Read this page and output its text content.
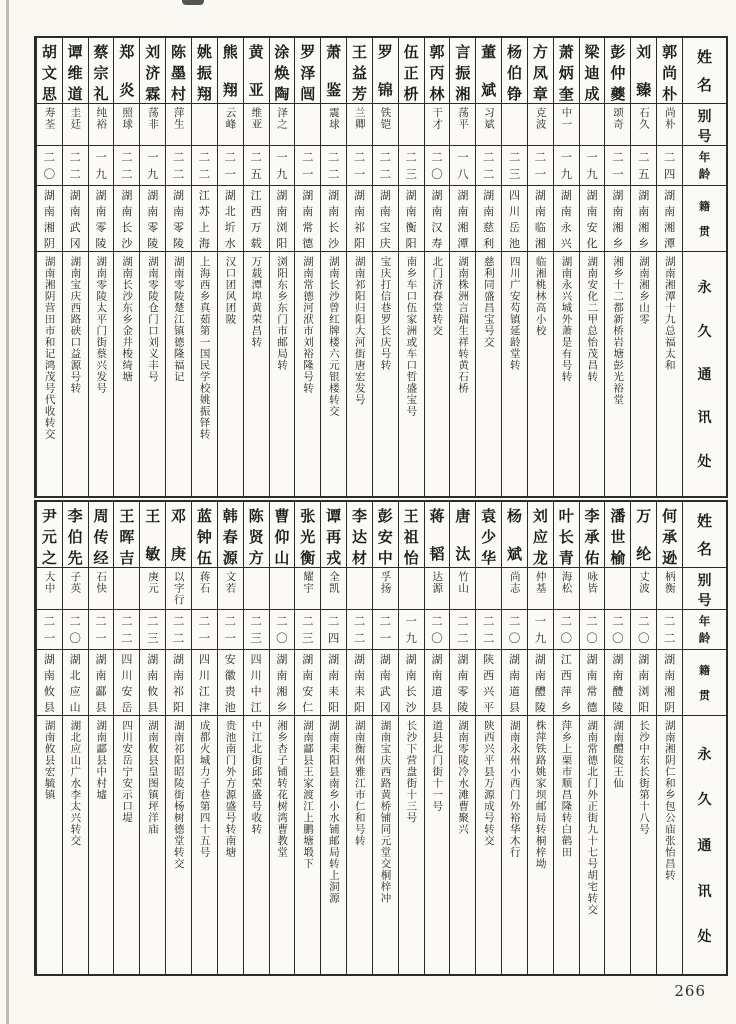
姓
名
别
号
年
龄
籍
贯
永
久
通
讯
处
郭
尚
朴
尚朴
二
四
湖
南
湘
潭
湖南湘潭十九总福太和
刘
臻
石久
二
五
湖
南
湘
乡
湖南湘乡山零
彭
仲
夔
颂奇
二
一
湖
南
湘
乡
湘乡十二都新桥岩塘彭光裕堂
梁
迪
成
一
九
湖
南
安
化
湖南安化二甲总怡茂昌转
萧
炳
奎
中一
一
九
湖
南
永
兴
湖南永兴城外萧是有号转
方
凤
章
克波
二
一
湖
南
临
湘
临湘桃林高小校
杨
伯
铮
二
三
四
川
岳
池
四川广安芶镇延龄堂转
董
斌
习斌
二
二
湖
南
慈
利
慈利同盛昌宝号交
言
振
湘
荡平
一
八
湖
南
湘
潭
湖南株洲言瑞生祥转黄石桥
郭
丙
林
干才
二
〇
湖
南
汉
寿
北门济春堂转交
伍
正
枡
二
三
湖
南
衡
阳
南乡车口伍家洲或车口哲盛宝号
罗
锦
铁铠
二
二
湖
南
宝
庆
宝庆打信巷罗长庆号转
王
益
芳
兰卿
二
一
湖
南
祁
阳
湖南祁阳归阳大河街唐宏发号
萧
鉴
震球
二
二
湖
南
长
沙
湖南长沙曾红牌楼六元银楼转交
罗
泽
闿
二
一
湖
南
常
德
湖南常德河洑市刘裕隆号转
涂
焕
陶
泽之
一
九
湖
南
浏
阳
浏阳东乡东门市邮局转
黄
亚
维亚
二
五
江
西
万
载
万载潭埠黄荣昌转
熊
翔
云峰
二
一
湖
北
圻
水
汉口团风团陂
姚
振
翔
二
二
江
苏
上
海
上海西乡真茹第一国民学校姚振铎转
陈
墨
村
萍生
二
二
湖
南
零
陵
湖南零陵楚江镇德隆福记
刘
济
霖
荡非
一
九
湖
南
零
陵
湖南零陵仓门口刘义丰号
郑
炎
照球
二
二
湖
南
长
沙
湖南长沙东乡金井梭绮塘
蔡
宗
礼
纯裕
一
九
湖
南
零
陵
湖南零陵太平门街蔡兴发号
谭
维
道
圭廷
二
二
湖
南
武
冈
湖南宝庆西路硖口益源号转
胡
文
思
寿荃
二
〇
湖
南
湘
阴
湖南湘阴营田市和记鸿茂号代收转交
姓
名
别
号
年
龄
籍
贯
永
久
通
讯
处
何
承
逊
柄衡
二
二
湖
南
湘
阴
湖南湘阴仁和乡包公庙张怡昌转
万
纶
丈波
二
〇
湖
南
浏
阳
长沙中东长街第十八号
潘
世
榆
二
〇
湖
南
醴
陵
湖南醴陵王仙
李
承
佑
咏皆
二
〇
湖
南
常
德
湖南常德北门外正街九十七号胡宅转交
叶
长
青
海松
二
〇
江
西
萍
乡
萍乡上栗市顺昌隆转白鹤田
刘
应
龙
仲基
一
九
湖
南
醴
陵
株萍铁路姚家坝邮局转桐梓坳
杨
斌
尚志
二
〇
湖
南
道
县
湖南永州小西门外裕华木行
袁
少
华
二
二
陕
西
兴
平
陕西兴平县万源成号转交
唐
汰
竹山
二
二
湖
南
零
陵
湖南零陵冷水滩曹聚兴
蒋
韬
达源
二
〇
湖
南
道
县
道县北门街十一号
王
祖
怡
一
九
湖
南
长
沙
长沙下营盘街十三号
彭
安
中
孚扬
二
一
湖
南
武
冈
湖南宝庆西路黄桥铺同元堂交桐梓冲
李
达
材
二
二
湖
南
耒
阳
湖南衡州雅江市仁和号转
谭
再
戎
全凯
二
四
湖
南
耒
阳
湖南耒阳县南乡小水铺邮局转上洞源
张
光
衡
耀宇
二
三
湖
南
安
仁
湖南酃县王家渡江上鹏塘塅下
曹
仰
山
二
〇
湖
南
湘
乡
湘乡杏子铺转花树湾曹教堂
陈
贤
方
二
三
四
川
中
江
中江北街邱荣盛号收转
韩
春
源
文若
二
一
安
徽
贵
池
贵池南门外方源盛号转南塘
蓝
钟
伍
蒋石
二
一
四
川
江
津
成都火城力子巷第四十五号
邓
庚
以字行
二
二
湖
南
祁
阳
湖南祁阳昭陵街杨树德堂转交
王
敏
庚元
二
三
湖
南
攸
县
湖南攸县皇图镇坪洋庙
王
晖
吉
二
二
四
川
安
岳
四川安岳宁安示口堤
周
传
经
石快
二
一
湖
南
酃
县
湖南酃县中村墟
李
伯
先
子英
二
〇
湖
北
应
山
湖北应山广水李太兴转交
尹
元
之
大中
二
一
湖
南
攸
县
湖南攸县宏毓镇
266
